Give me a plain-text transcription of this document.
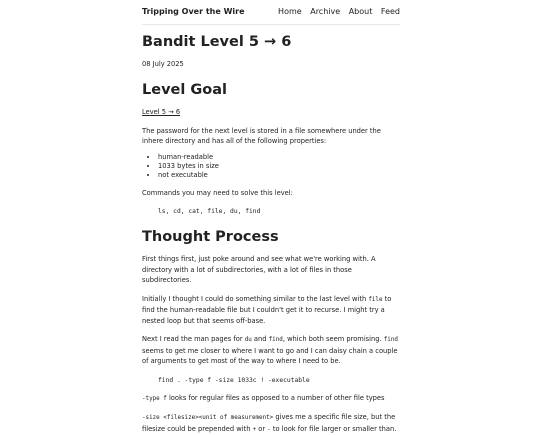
Tripping Over the Wire	Home Archive About Feed
Bandit Level 5 → 6

08 July 2025

Level Goal

Level 5 → 6

The password for the next level is stored in a file somewhere under the inhere directory and has all of the following properties:

• human-readable
• 1033 bytes in size
• not executable

Commands you may need to solve this level:

ls, cd, cat, file, du, find
Thought Process

First things first, just poke around and see what we're working with. A directory with a lot of subdirectories, with a lot of files in those subdirectories.

Initially I thought I could do something similar to the last level with file to find the human-readable file but I couldn't get it to recurse. I might try a nested loop but that seems off-base.

Next I read the man pages for du and find, which both seem promising. find seems to get me closer to where I want to go and I can daisy chain a couple of arguments to get most of the way to where I need to be.

find . -type f -size 1033c ! -executable

-type f looks for regular files as opposed to a number of other file types

-size <filesize><unit of measurement> gives me a specific file size, but the filesize could be prepended with + or - to look for file larger or smaller than.
